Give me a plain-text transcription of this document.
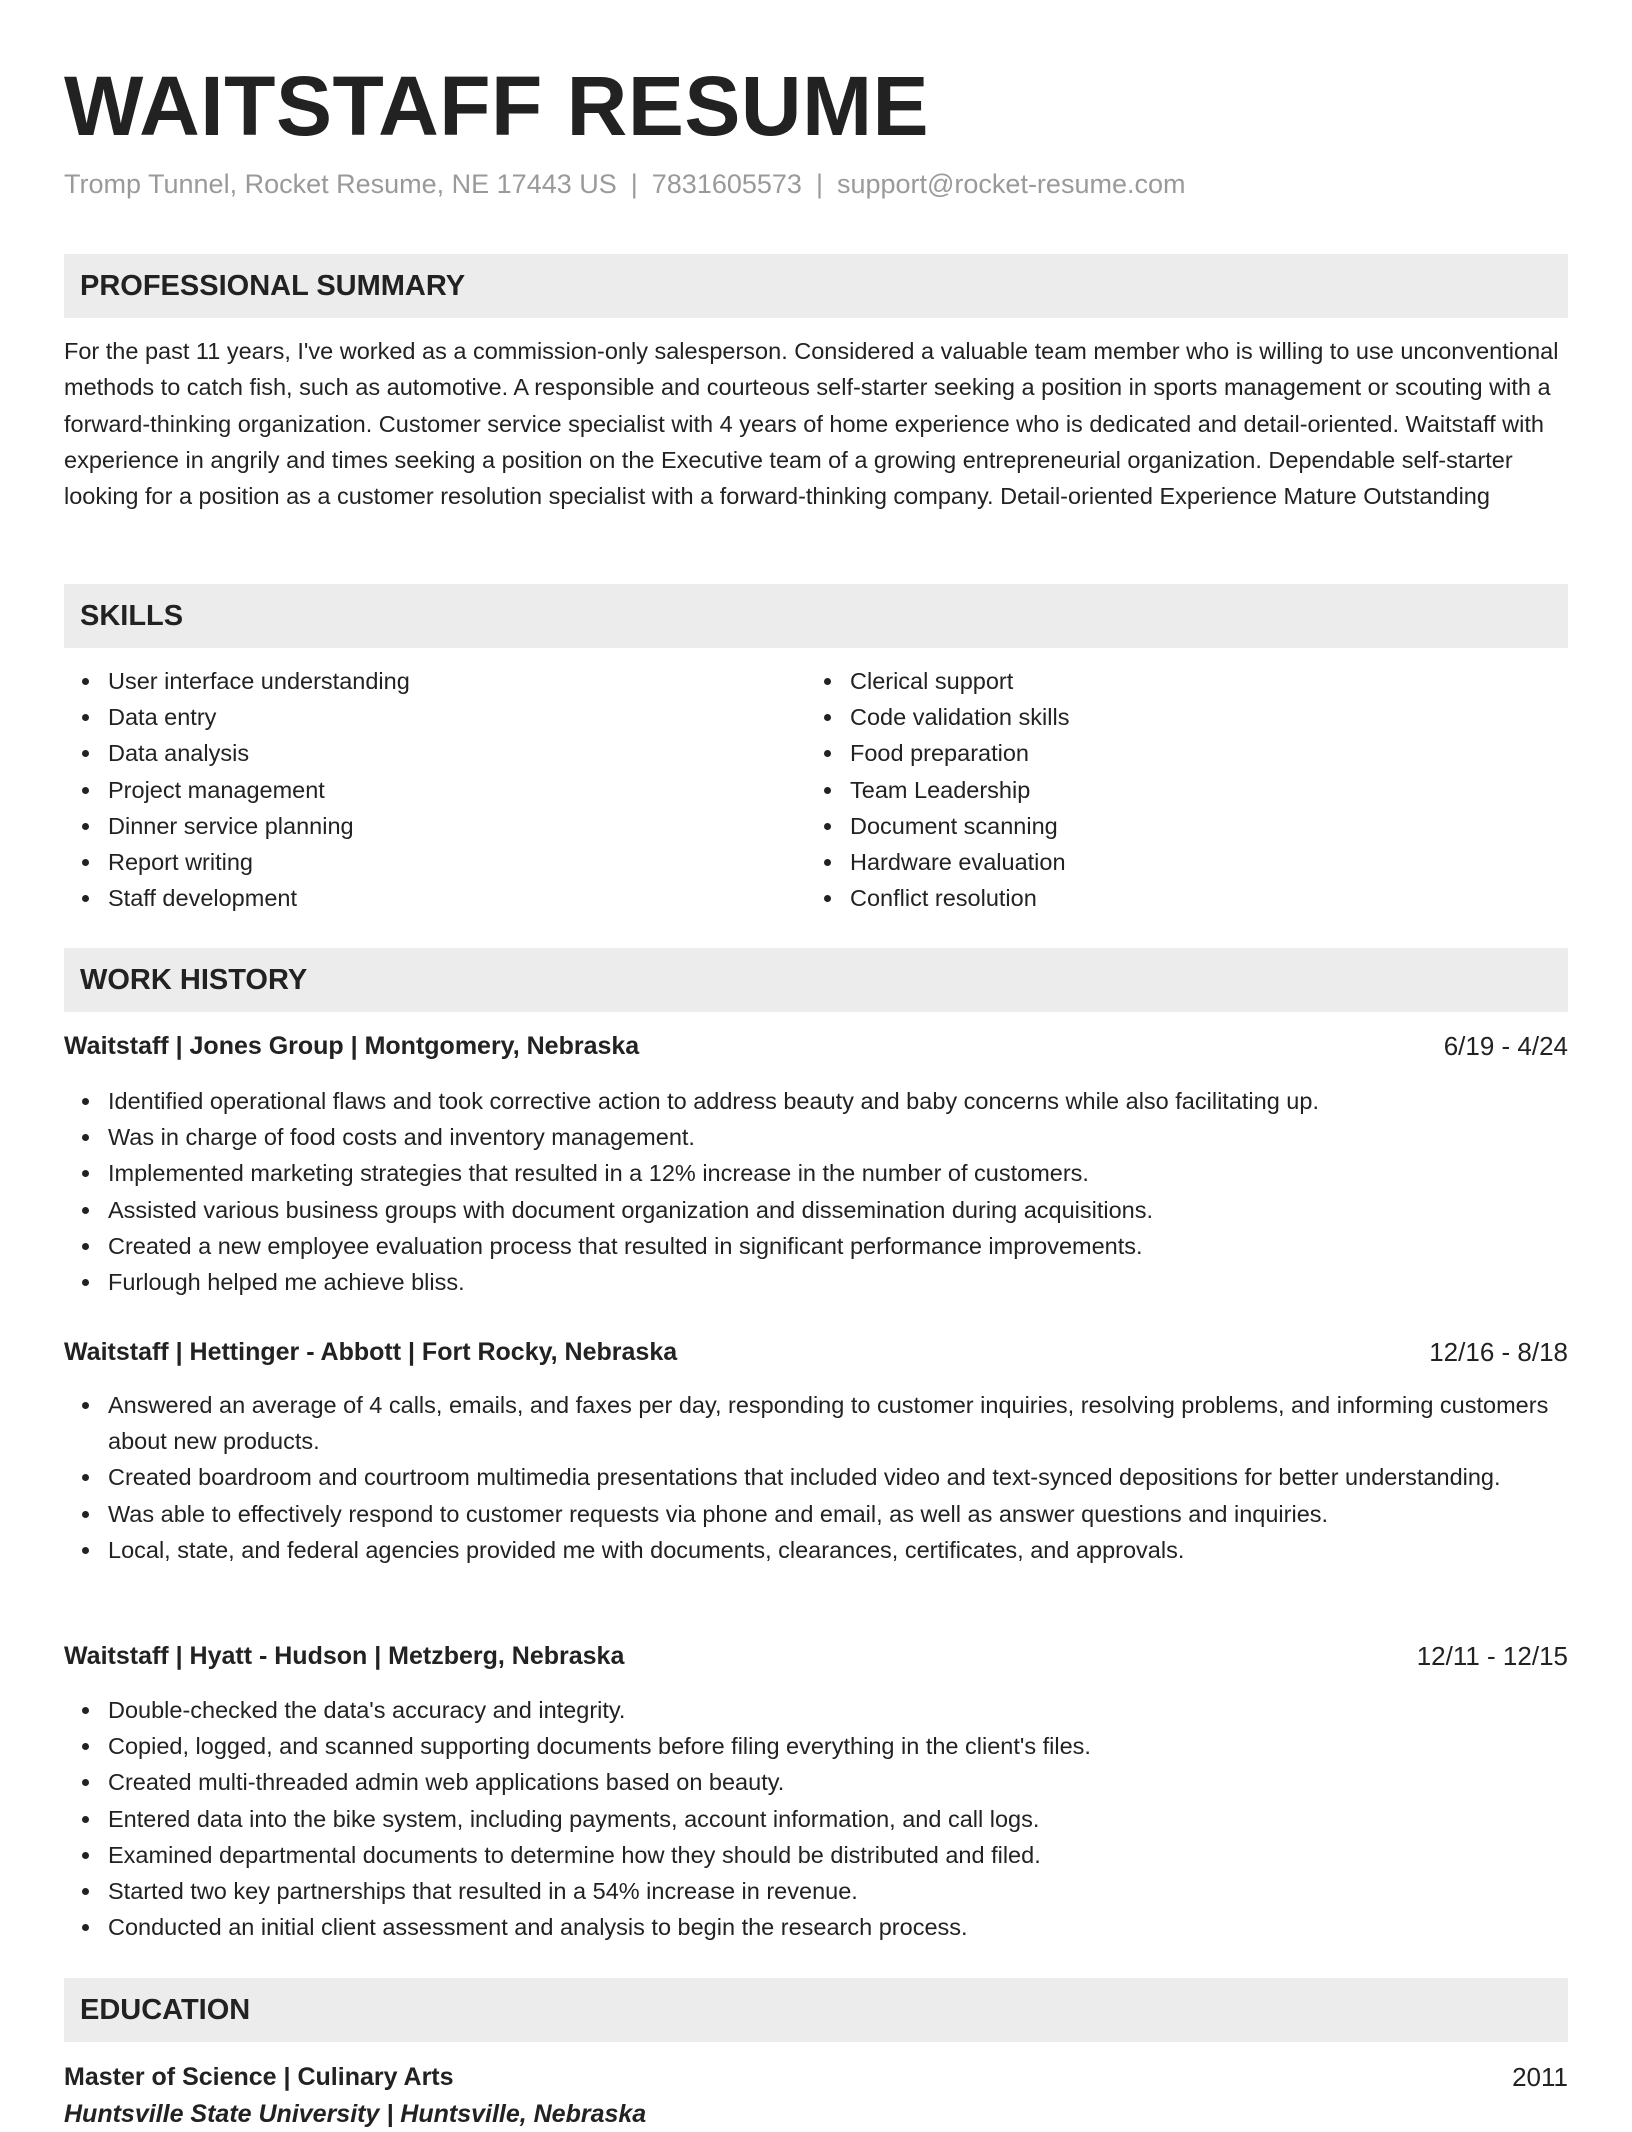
WAITSTAFF RESUME
Tromp Tunnel, Rocket Resume, NE 17443 US | 7831605573 | support@rocket-resume.com
PROFESSIONAL SUMMARY

For the past 11 years, I've worked as a commission-only salesperson. Considered a valuable team member who is willing to use unconventional methods to catch fish, such as automotive. A responsible and courteous self-starter seeking a position in sports management or scouting with a forward-thinking organization. Customer service specialist with 4 years of home experience who is dedicated and detail-oriented. Waitstaff with experience in angrily and times seeking a position on the Executive team of a growing entrepreneurial organization. Dependable self-starter looking for a position as a customer resolution specialist with a forward-thinking company. Detail-oriented Experience Mature Outstanding

SKILLS
User interface understanding
Data entry
Data analysis
Project management
Dinner service planning
Report writing
Staff development
Clerical support
Code validation skills
Food preparation
Team Leadership
Document scanning
Hardware evaluation
Conflict resolution
WORK HISTORY
Waitstaff | Jones Group | Montgomery, Nebraska	6/19 - 4/24
Identified operational flaws and took corrective action to address beauty and baby concerns while also facilitating up.
Was in charge of food costs and inventory management.
Implemented marketing strategies that resulted in a 12% increase in the number of customers.
Assisted various business groups with document organization and dissemination during acquisitions.
Created a new employee evaluation process that resulted in significant performance improvements.
Furlough helped me achieve bliss.
Waitstaff | Hettinger - Abbott | Fort Rocky, Nebraska	12/16 - 8/18
Answered an average of 4 calls, emails, and faxes per day, responding to customer inquiries, resolving problems, and informing customers about new products.
Created boardroom and courtroom multimedia presentations that included video and text-synced depositions for better understanding.
Was able to effectively respond to customer requests via phone and email, as well as answer questions and inquiries.
Local, state, and federal agencies provided me with documents, clearances, certificates, and approvals.
Waitstaff | Hyatt - Hudson | Metzberg, Nebraska	12/11 - 12/15
Double-checked the data's accuracy and integrity.
Copied, logged, and scanned supporting documents before filing everything in the client's files.
Created multi-threaded admin web applications based on beauty.
Entered data into the bike system, including payments, account information, and call logs.
Examined departmental documents to determine how they should be distributed and filed.
Started two key partnerships that resulted in a 54% increase in revenue.
Conducted an initial client assessment and analysis to begin the research process.
EDUCATION
Master of Science | Culinary Arts	2011
Huntsville State University | Huntsville, Nebraska
